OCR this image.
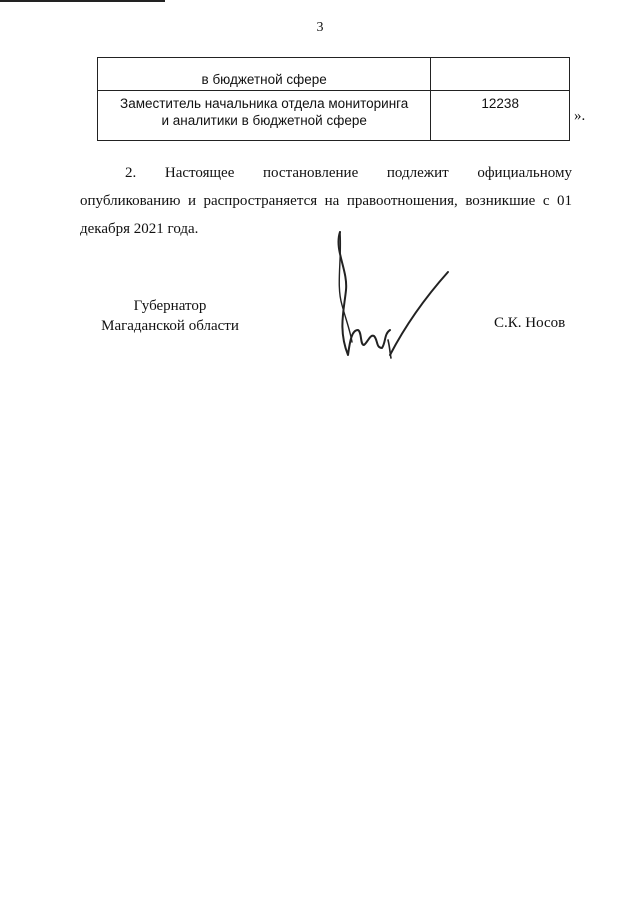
3
в бюджетной сфере	
Заместитель начальника отдела мониторинга
и аналитики в бюджетной сфере	12238
».

2. Настоящее постановление подлежит официальному опубликованию и распространяется на правоотношения, возникшие с 01 декабря 2021 года.

Губернатор
Магаданской области	С.К. Носов
